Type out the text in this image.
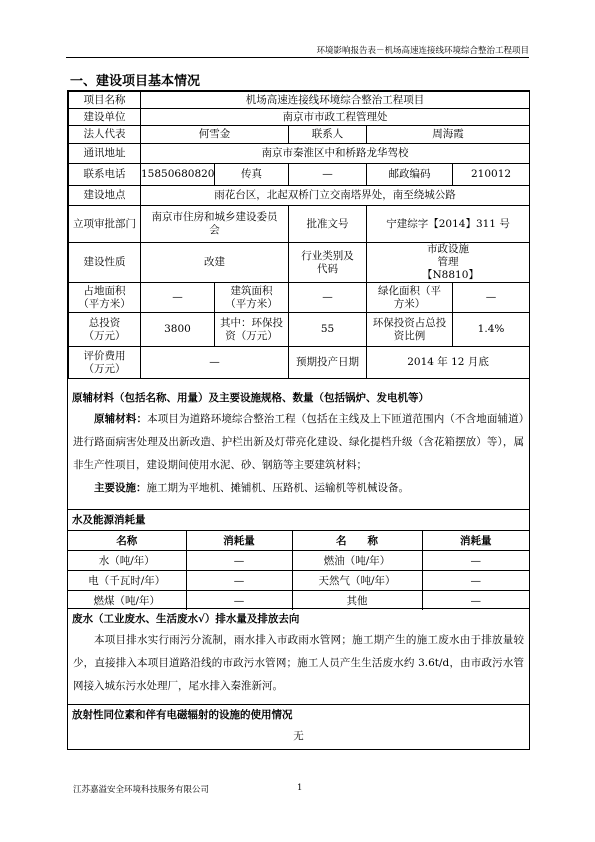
环境影响报告表－机场高速连接线环境综合整治工程项目
一、建设项目基本情况
项目名称	机场高速连接线环境综合整治工程项目				
建设单位	南京市市政工程管理处				
法人代表	何雪金		联系人	周海霞	
通讯地址	南京市秦淮区中和桥路龙华驾校				
联系电话	15850680820	传真	—	邮政编码	210012
建设地点	雨花台区，北起双桥门立交南塔界处，南至绕城公路				
立项审批部门	南京市住房和城乡建设委员会		批准文号	宁建综字【2014】311 号	
建设性质	改建		行业类别及代码	市政设施管理【N8810】	
占地面积（平方米）	—	建筑面积（平方米）	—	绿化面积（平方米）	—
总投资（万元）	3800	其中：环保投资（万元）	55	环保投资占总投资比例	1.4%
评价费用（万元）	—		预期投产日期	2014 年 12 月底	
原辅材料（包括名称、用量）及主要设施规格、数量（包括锅炉、发电机等）

原辅材料：本项目为道路环境综合整治工程（包括在主线及上下匝道范围内（不含地面辅道）进行路面病害处理及出新改造、护栏出新及灯带亮化建设、绿化提档升级（含花箱摆放）等），属非生产性项目，建设期间使用水泥、砂、钢筋等主要建筑材料；

主要设施：施工期为平地机、摊铺机、压路机、运输机等机械设备。

水及能源消耗量
名称	消耗量	名　　称	消耗量
水（吨/年）	—	燃油（吨/年）	—
电（千瓦时/年）	—	天然气（吨/年）	—
燃煤（吨/年）	—	其他	—
废水（工业废水、生活废水√）排水量及排放去向

本项目排水实行雨污分流制，雨水排入市政雨水管网；施工期产生的施工废水由于排放量较少，直接排入本项目道路沿线的市政污水管网；施工人员产生生活废水约 3.6t/d，由市政污水管网接入城东污水处理厂，尾水排入秦淮新河。

放射性同位素和伴有电磁辐射的设施的使用情况
无
江苏嘉溢安全环境科技服务有限公司	1
